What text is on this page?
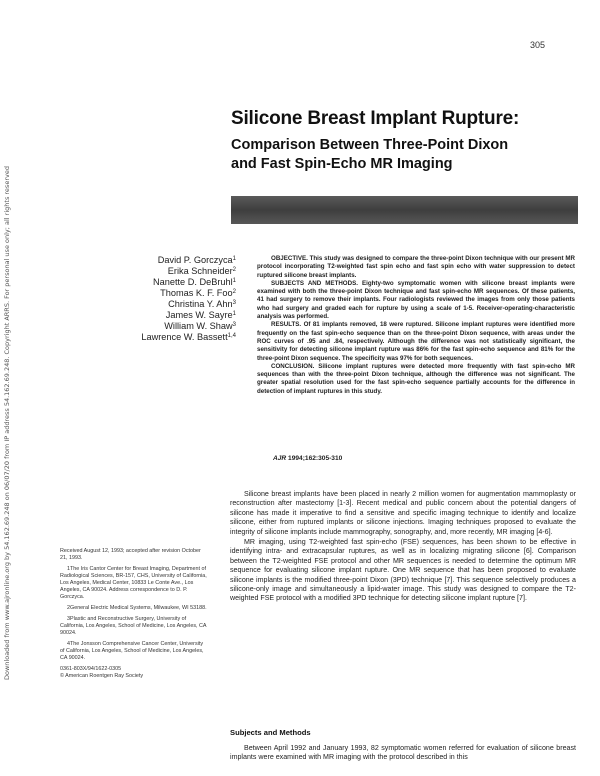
Downloaded from www.ajronline.org by 54.162.69.248 on 06/07/20 from IP address 54.162.69.248. Copyright ARRS. For personal use only; all rights reserved
305
Silicone Breast Implant Rupture:
Comparison Between Three-Point Dixon
and Fast Spin-Echo MR Imaging
David P. Gorczyca$^1$
Erika Schneider$^2$
Nanette D. DeBruhl$^1$
Thomas K. F. Foo$^2$
Christina Y. Ahn$^3$
James W. Sayre$^1$
William W. Shaw$^3$
Lawrence W. Bassett$^{1,4}$

OBJECTIVE. This study was designed to compare the three-point Dixon technique with our present MR protocol incorporating T2-weighted fast spin echo and fast spin echo with water suppression to detect ruptured silicone breast implants.

SUBJECTS AND METHODS. Eighty-two symptomatic women with silicone breast implants were examined with both the three-point Dixon technique and fast spin-echo MR sequences. Of these patients, 41 had surgery to remove their implants. Four radiologists reviewed the images from only those patients who had surgery and graded each for rupture by using a scale of 1-5. Receiver-operating-characteristic analysis was performed.

RESULTS. Of 81 implants removed, 18 were ruptured. Silicone implant ruptures were identified more frequently on the fast spin-echo sequence than on the three-point Dixon sequence, with areas under the ROC curves of .95 and .84, respectively. Although the difference was not statistically significant, the sensitivity for detecting silicone implant rupture was 86% for the fast spin-echo sequence and 81% for the three-point Dixon sequence. The specificity was 97% for both sequences.

CONCLUSION. Silicone implant ruptures were detected more frequently with fast spin-echo MR sequences than with the three-point Dixon technique, although the difference was not significant. The greater spatial resolution used for the fast spin-echo sequence partially accounts for the difference in detection of implant ruptures in this study.

AJR 1994;162:305-310

Received August 12, 1993; accepted after revision October 21, 1993.

1The Iris Cantor Center for Breast Imaging, Department of Radiological Sciences, BR-157, CHS, University of California, Los Angeles, Medical Center, 10833 Le Conte Ave., Los Angeles, CA 90024. Address correspondence to D. P. Gorczyca.

2General Electric Medical Systems, Milwaukee, WI 53188.

3Plastic and Reconstructive Surgery, University of California, Los Angeles, School of Medicine, Los Angeles, CA 90024.

4The Jonsson Comprehensive Cancer Center, University of California, Los Angeles, School of Medicine, Los Angeles, CA 90024.

0361-803X/94/1622-0305

© American Roentgen Ray Society

Silicone breast implants have been placed in nearly 2 million women for augmentation mammoplasty or reconstruction after mastectomy [1-3]. Recent medical and public concern about the potential dangers of silicone has made it imperative to find a sensitive and specific imaging technique to identify and localize silicone, either from ruptured implants or silicone injections. Imaging techniques proposed to evaluate the integrity of silicone implants include mammography, sonography, and, more recently, MR imaging [4-6].

MR imaging, using T2-weighted fast spin-echo (FSE) sequences, has been shown to be effective in identifying intra- and extracapsular ruptures, as well as in localizing migrating silicone [6]. Comparison between the T2-weighted FSE protocol and other MR sequences is needed to determine the optimum MR sequence for evaluating silicone implant rupture. One MR sequence that has been proposed to evaluate silicone implants is the modified three-point Dixon (3PD) technique [7]. This sequence selectively produces a silicone-only image and simultaneously a lipid-water image. This study was designed to compare the T2-weighted FSE protocol with a modified 3PD technique for detecting silicone implant rupture [7].

Subjects and Methods

Between April 1992 and January 1993, 82 symptomatic women referred for evaluation of silicone breast implants were examined with MR imaging with the protocol described in this
